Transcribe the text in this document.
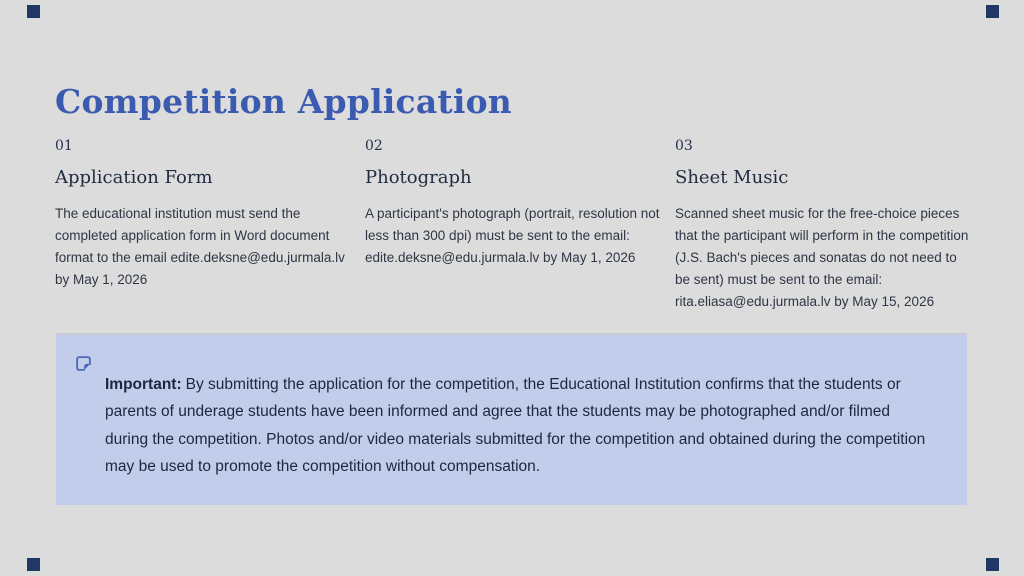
Competition Application

01

Application Form

The educational institution must send the completed application form in Word document format to the email edite.deksne@edu.jurmala.lv by May 1, 2026

02

Photograph

A participant's photograph (portrait, resolution not less than 300 dpi) must be sent to the email: edite.deksne@edu.jurmala.lv by May 1, 2026

03

Sheet Music

Scanned sheet music for the free-choice pieces that the participant will perform in the competition (J.S. Bach's pieces and sonatas do not need to be sent) must be sent to the email: rita.eliasa@edu.jurmala.lv by May 15, 2026

Important: By submitting the application for the competition, the Educational Institution confirms that the students or parents of underage students have been informed and agree that the students may be photographed and/or filmed during the competition. Photos and/or video materials submitted for the competition and obtained during the competition may be used to promote the competition without compensation.
